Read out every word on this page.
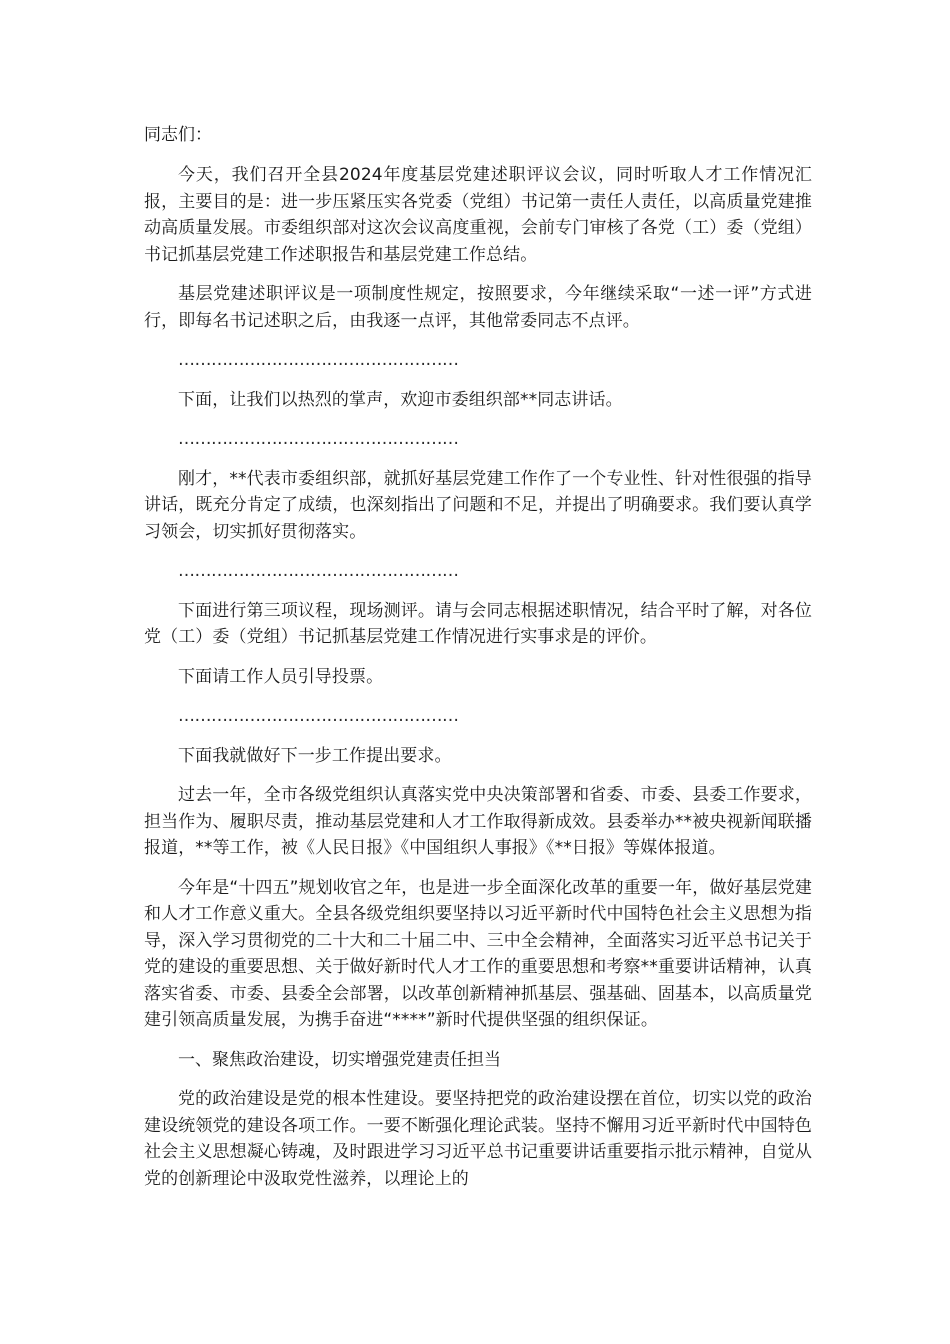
同志们：

今天，我们召开全县2024年度基层党建述职评议会议，同时听取人才工作情况汇报，主要目的是：进一步压紧压实各党委（党组）书记第一责任人责任，以高质量党建推动高质量发展。市委组织部对这次会议高度重视，会前专门审核了各党（工）委（党组）书记抓基层党建工作述职报告和基层党建工作总结。

基层党建述职评议是一项制度性规定，按照要求，今年继续采取“一述一评”方式进行，即每名书记述职之后，由我逐一点评，其他常委同志不点评。

……………………………………………

下面，让我们以热烈的掌声，欢迎市委组织部**同志讲话。

……………………………………………

刚才，**代表市委组织部，就抓好基层党建工作作了一个专业性、针对性很强的指导讲话，既充分肯定了成绩，也深刻指出了问题和不足，并提出了明确要求。我们要认真学习领会，切实抓好贯彻落实。

……………………………………………

下面进行第三项议程，现场测评。请与会同志根据述职情况，结合平时了解，对各位党（工）委（党组）书记抓基层党建工作情况进行实事求是的评价。

下面请工作人员引导投票。

……………………………………………

下面我就做好下一步工作提出要求。

过去一年，全市各级党组织认真落实党中央决策部署和省委、市委、县委工作要求，担当作为、履职尽责，推动基层党建和人才工作取得新成效。县委举办**被央视新闻联播报道，**等工作，被《人民日报》《中国组织人事报》《**日报》等媒体报道。

今年是“十四五”规划收官之年，也是进一步全面深化改革的重要一年，做好基层党建和人才工作意义重大。全县各级党组织要坚持以习近平新时代中国特色社会主义思想为指导，深入学习贯彻党的二十大和二十届二中、三中全会精神，全面落实习近平总书记关于党的建设的重要思想、关于做好新时代人才工作的重要思想和考察**重要讲话精神，认真落实省委、市委、县委全会部署，以改革创新精神抓基层、强基础、固基本，以高质量党建引领高质量发展，为携手奋进“****”新时代提供坚强的组织保证。

一、聚焦政治建设，切实增强党建责任担当

党的政治建设是党的根本性建设。要坚持把党的政治建设摆在首位，切实以党的政治建设统领党的建设各项工作。一要不断强化理论武装。坚持不懈用习近平新时代中国特色社会主义思想凝心铸魂，及时跟进学习习近平总书记重要讲话重要指示批示精神，自觉从党的创新理论中汲取党性滋养，以理论上的
